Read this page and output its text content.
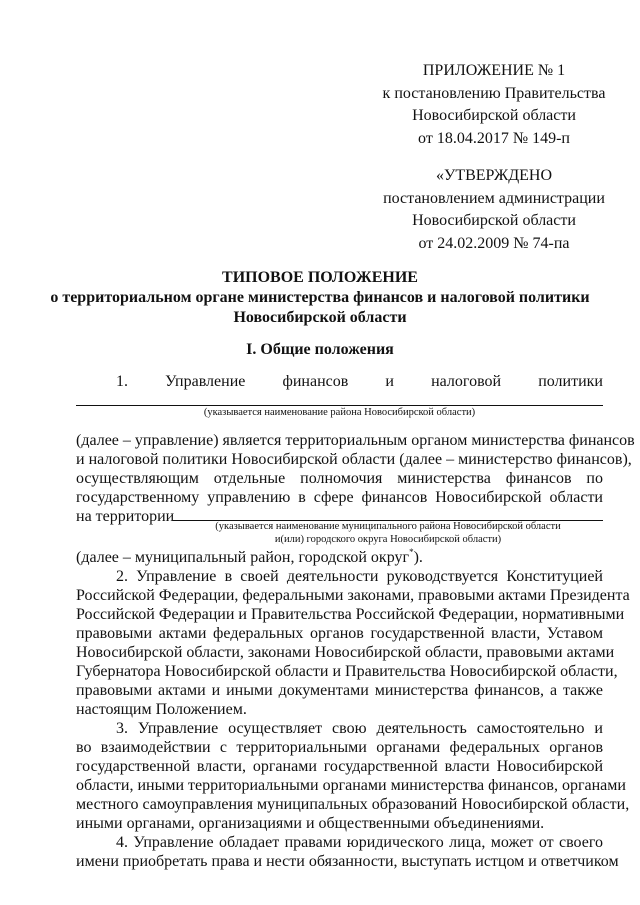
ПРИЛОЖЕНИЕ № 1
к постановлению Правительства
Новосибирской области
от 18.04.2017 № 149-п
«УТВЕРЖДЕНО
постановлением администрации
Новосибирской области
от 24.02.2009 № 74-па
ТИПОВОЕ ПОЛОЖЕНИЕ
о территориальном органе министерства финансов и налоговой политики
Новосибирской области
I. Общие положения
1. Управление финансов и налоговой политики
(указывается наименование района Новосибирской области)
(далее – управление) является территориальным органом министерства финансов
и налоговой политики Новосибирской области (далее – министерство финансов),
осуществляющим отдельные полномочия министерства финансов по
государственному управлению в сфере финансов Новосибирской области
на территории
(указывается наименование муниципального района Новосибирской области
и(или) городского округа Новосибирской области)
(далее – муниципальный район, городской округ*).
2. Управление в своей деятельности руководствуется Конституцией
Российской Федерации, федеральными законами, правовыми актами Президента
Российской Федерации и Правительства Российской Федерации, нормативными
правовыми актами федеральных органов государственной власти, Уставом
Новосибирской области, законами Новосибирской области, правовыми актами
Губернатора Новосибирской области и Правительства Новосибирской области,
правовыми актами и иными документами министерства финансов, а также
настоящим Положением.
3. Управление осуществляет свою деятельность самостоятельно и
во взаимодействии с территориальными органами федеральных органов
государственной власти, органами государственной власти Новосибирской
области, иными территориальными органами министерства финансов, органами
местного самоуправления муниципальных образований Новосибирской области,
иными органами, организациями и общественными объединениями.
4. Управление обладает правами юридического лица, может от своего
имени приобретать права и нести обязанности, выступать истцом и ответчиком
